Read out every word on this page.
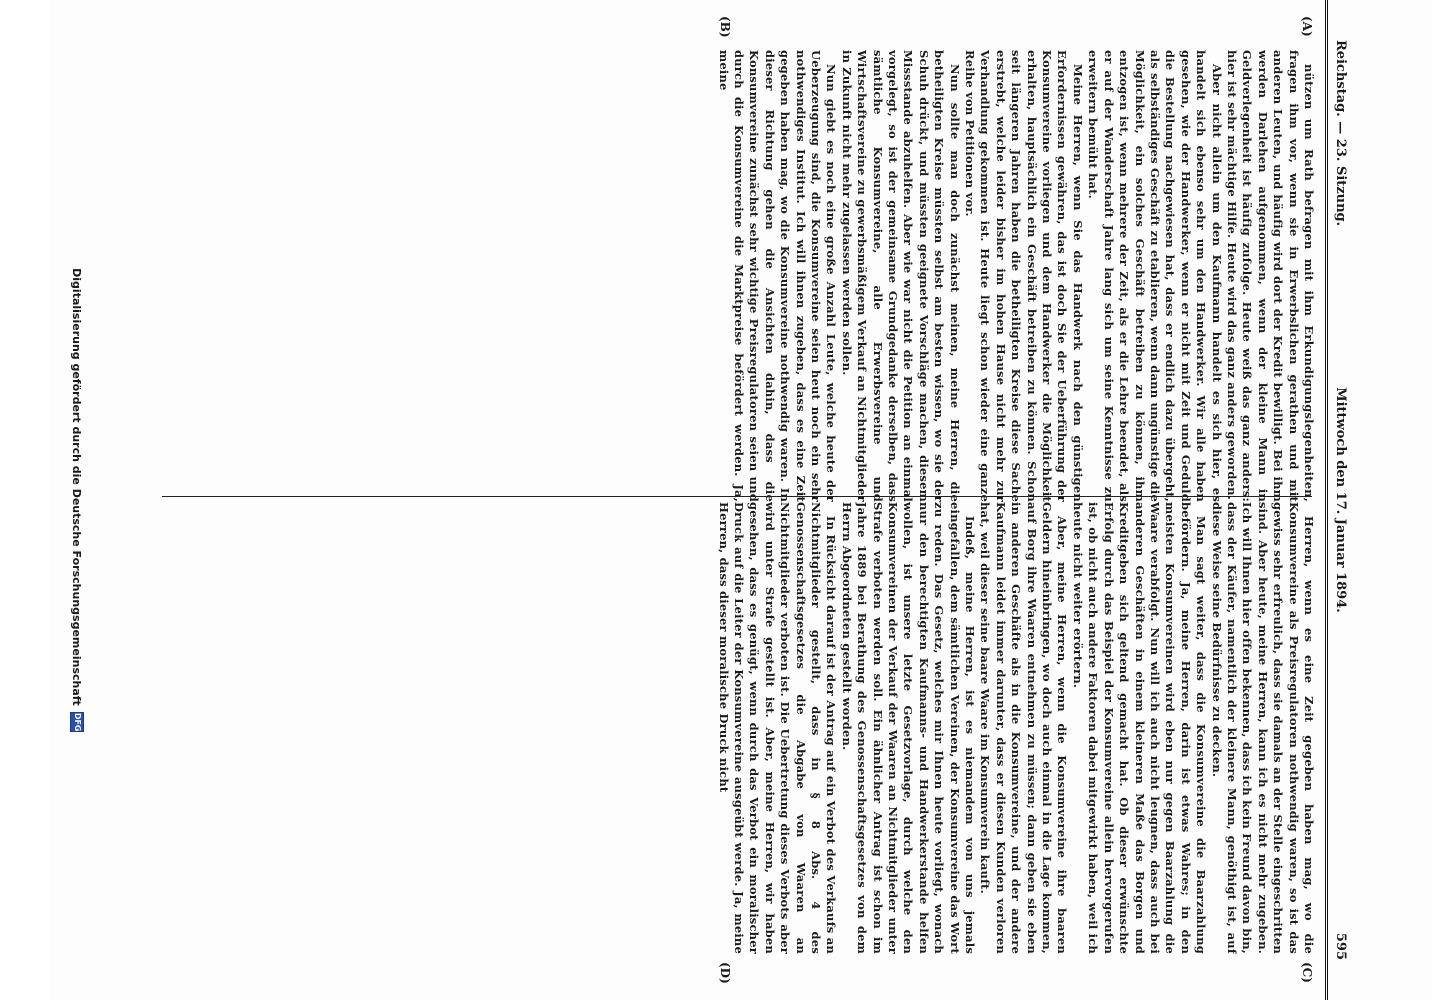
Reichstag. — 23. Sitzung.
Mittwoch den 17. Januar 1894.
595
(A)
(B)
(C)
(D)

nützen um Rath befragen mit ihm Erkundigungslegenheiten, fragen ihm vor, wenn sie in Erwerbslichen gerathen und mit anderen Leuten, und häufig wird dort der Kredit bewilligt. Bei ihm werden Darlehen aufgenommen, wenn der kleine Mann in Geldverlegenheit ist häufig zufolge. Heute weiß das ganz anders: hier ist sehr mächtige Hilfe. Heute wird das ganz anders geworden.

Aber nicht allein um den Kaufmann handelt es sich hier, es handelt sich ebenso sehr um den Handwerker. Wir alle haben gesehen, wie der Handwerker, wenn er nicht mit Zeit und Geduld die Bestellung nachgewiesen hat, dass er endlich dazu übergeht, als selbständiges Geschäft zu etablieren, wenn dann ungünstige die Möglichkeit, ein solches Geschäft betreiben zu können, ihm entzogen ist, wenn mehrere der Zeit, als er die Lehre beendet, als er auf der Wanderschaft Jahre lang sich um seine Kenntnisse zu erweitern bemüht hat.

Meine Herren, wenn Sie das Handwerk nach den günstigen Erfordernissen gewähren, das ist doch Sie der Ueberführung der Konsumvereine vorliegen und dem Handwerker die Möglichkeit erhalten, hauptsächlich ein Geschäft betreiben zu können. Schon seit längeren Jahren haben die betheiligten Kreise diese Sache erstrebt, welche leider bisher im hohen Hause nicht mehr zur Verhandlung gekommen ist. Heute liegt schon wieder eine ganze Reihe von Petitionen vor.

Nun sollte man doch zunächst meinen, meine Herren, die betheiligten Kreise müssten selbst am besten wissen, wo sie der Schuh drückt, und müssten geeignete Vorschläge machen, diesem Missstande abzuhelfen. Aber wie war nicht die Petition an einmal vorgelegt, so ist der gemeinsame Grundgedanke derselben, dass sämtliche Konsumvereine, alle Erwerbsvereine und Wirtschaftsvereine zu gewerbsmäßigem Verkauf an Nichtmitglieder in Zukunft nicht mehr zugelassen werden sollen.

Nun giebt es noch eine große Anzahl Leute, welche heute der Ueberzeugung sind, die Konsumvereine seien heut noch ein sehr nothwendiges Institut. Ich will ihnen zugeben, dass es eine Zeit gegeben haben mag, wo die Konsumvereine nothwendig waren. In dieser Richtung gehen die Ansichten dahin, dass die Konsumvereine zunächst sehr wichtige Preisregulatoren seien und durch die Konsumvereine die Marktpreise befördert werden. Ja, meine

Herren, wenn es eine Zeit gegeben haben mag, wo die Konsumvereine als Preisregulatoren nothwendig waren, so ist das gewiss sehr erfreulich, dass sie damals an der Stelle eingeschritten sind. Aber heute, meine Herren, kann ich es nicht mehr zugeben. Ich will Ihnen hier offen bekennen, dass ich kein Freund davon bin, dass der Käufer, namentlich der kleinere Mann, genöthigt ist, auf diese Weise seine Bedürfnisse zu decken.

Man sagt weiter, dass die Konsumvereine die Baarzahlung befördern. Ja, meine Herren, darin ist etwas Wahres; in den meisten Konsumvereinen wird eben nur gegen Baarzahlung die Waare verabfolgt. Nun will ich auch nicht leugnen, dass auch bei anderen Geschäften in einem kleineren Maße das Borgen und Kreditgeben sich geltend gemacht hat. Ob dieser erwünschte Erfolg durch das Beispiel der Konsumvereine allein hervorgerufen ist, ob nicht auch andere Faktoren dabei mitgewirkt haben, weil ich heute nicht weiter erörtern.

Aber, meine Herren, wenn die Konsumvereine ihre baaren Geldern hineinbringen, wo doch auch einmal in die Lage kommen, auf Borg ihre Waaren entnehmen zu müssen; dann geben sie eben in anderen Geschäfte als in die Konsumvereine, und der andere Kaufmann leidet immer darunter, dass er diesen Kunden verloren hat, weil dieser seine baare Waare im Konsumverein kauft.

Indeß, meine Herren, ist es niemandem von uns jemals eingefallen, dem sämtlichen Vereinen, der Konsumvereine das Wort zu reden. Das Gesetz, welches mir Ihnen heute vorliegt, wonach nur den berechtigten Kaufmanns- und Handwerkerstande helfen wollen, ist unsere letzte Gesetzvorlage, durch welche den Konsumvereinen der Verkauf der Waaren an Nichtmitglieder unter Strafe verboten werden soll. Ein ähnlicher Antrag ist schon im Jahre 1889 bei Berathung des Genossenschaftsgesetzes von dem Herrn Abgeordneten gestellt worden.

In Rücksicht darauf ist der Antrag auf ein Verbot des Verkaufs an Nichtmitglieder gestellt, dass in § 8 Abs. 4 des Genossenschaftsgesetzes die Abgabe von Waaren an Nichtmitglieder verboten ist. Die Uebertretung dieses Verbots aber wird unter Strafe gestellt ist. Aber, meine Herren, wir haben gesehen, dass es genügt, wenn durch das Verbot ein moralischer Druck auf die Leiter der Konsumvereine ausgeübt werde. Ja, meine Herren, dass dieser moralische Druck nicht

Digitalisierung gefördert durch die Deutsche Forschungsgemeinschaft
DFG
